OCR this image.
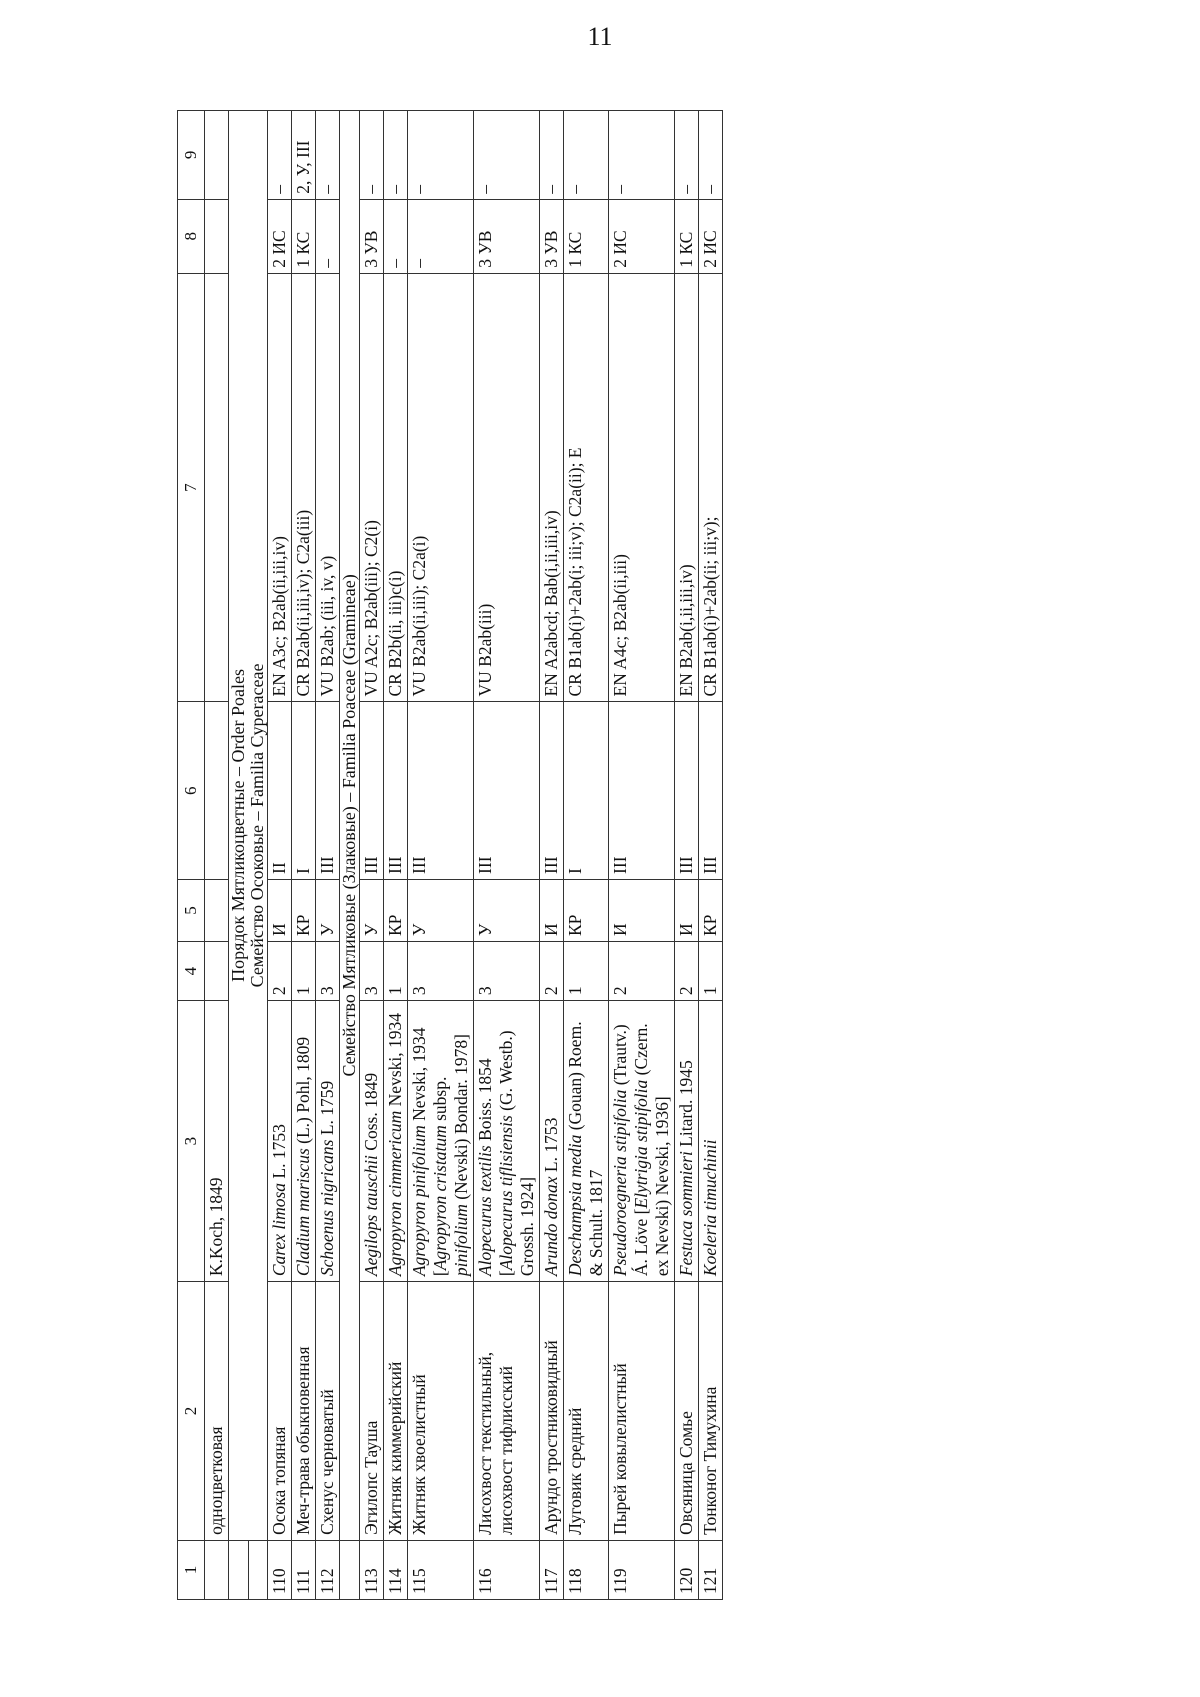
11
1	2	3	4	5	6	7	8	9
	одноцветковая	K.Koch, 1849						
	Порядок Мятликоцветные – Order Poales							
	Семейство Осоковые – Familia Cyperaceae							
110	Осока топяная	Carex limosa L. 1753	2	И	II	EN A3c; B2ab(ii,iii,iv)	2 ИС	–
111	Меч-трава обыкновенная	Cladium mariscus (L.) Pohl, 1809	1	КР	I	CR B2ab(ii,iii,iv); C2a(iii)	1 КС	2, У, III
112	Схенус черноватый	Schoenus nigricans L. 1759	3	У	III	VU B2ab; (iii, iv, v)	–	–
	Семейство Мятликовые (Злаковые) – Familia Poaceae (Gramineae)							
113	Эгилопс Тауша	Aegilops tauschii Coss. 1849	3	У	III	VU A2c; B2ab(iii); C2(i)	3 УВ	–
114	Житняк киммерийский	Agropyron cimmericum Nevski, 1934	1	КР	III	CR B2b(ii, iii)c(i)	–	–
115	Житняк хвоелистный	Agropyron pinifolium Nevski, 1934 [Agropyron cristatum subsp. pinifolium (Nevski) Bondar. 1978]	3	У	III	VU B2ab(ii,iii); C2a(i)	–	–
116	Лисохвост текстильный, лисохвост тифлисский	Alopecurus textilis Boiss. 1854 [Alopecurus tiflisiensis (G. Westb.) Grossh. 1924]	3	У	III	VU B2ab(iii)	3 УВ	–
117	Арундо тростниковидный	Arundo donax L. 1753	2	И	III	EN A2abcd; Bab(i,ii,iii,iv)	3 УВ	–
118	Луговик средний	Deschampsia media (Gouan) Roem. & Schult. 1817	1	КР	I	CR B1ab(i)+2ab(i; iii;v); C2a(ii); E	1 КС	–
119	Пырей ковылелистный	Pseudoroegneria stipifolia (Trautv.) Á. Löve [Elytrigia stipifolia (Czern. ex Nevski) Nevski, 1936]	2	И	III	EN A4c; B2ab(ii,iii)	2 ИС	–
120	Овсяница Сомье	Festuca sommieri Litard. 1945	2	И	III	EN B2ab(i,ii,iii,iv)	1 КС	–
121	Тонконог Тимухина	Koeleria timuchinii	1	КР	III	CR B1ab(i)+2ab(ii; iii;v);	2 ИС	–
